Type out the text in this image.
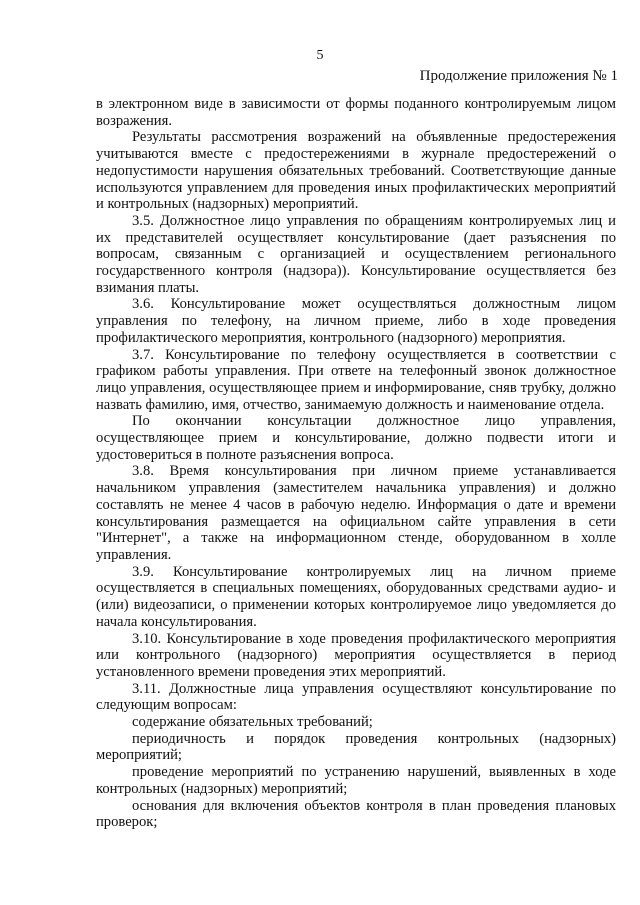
5
Продолжение приложения № 1

в электронном виде в зависимости от формы поданного контролируемым лицом возражения.

Результаты рассмотрения возражений на объявленные предостережения учитываются вместе с предостережениями в журнале предостережений о недопустимости нарушения обязательных требований. Соответствующие данные используются управлением для проведения иных профилактических мероприятий и контрольных (надзорных) мероприятий.

3.5. Должностное лицо управления по обращениям контролируемых лиц и их представителей осуществляет консультирование (дает разъяснения по вопросам, связанным с организацией и осуществлением регионального государственного контроля (надзора)). Консультирование осуществляется без взимания платы.

3.6. Консультирование может осуществляться должностным лицом управления по телефону, на личном приеме, либо в ходе проведения профилактического мероприятия, контрольного (надзорного) мероприятия.

3.7. Консультирование по телефону осуществляется в соответствии с графиком работы управления. При ответе на телефонный звонок должностное лицо управления, осуществляющее прием и информирование, сняв трубку, должно назвать фамилию, имя, отчество, занимаемую должность и наименование отдела.

По окончании консультации должностное лицо управления, осуществляющее прием и консультирование, должно подвести итоги и удостовериться в полноте разъяснения вопроса.

3.8. Время консультирования при личном приеме устанавливается начальником управления (заместителем начальника управления) и должно составлять не менее 4 часов в рабочую неделю. Информация о дате и времени консультирования размещается на официальном сайте управления в сети "Интернет", а также на информационном стенде, оборудованном в холле управления.

3.9. Консультирование контролируемых лиц на личном приеме осуществляется в специальных помещениях, оборудованных средствами аудио- и (или) видеозаписи, о применении которых контролируемое лицо уведомляется до начала консультирования.

3.10. Консультирование в ходе проведения профилактического мероприятия или контрольного (надзорного) мероприятия осуществляется в период установленного времени проведения этих мероприятий.

3.11. Должностные лица управления осуществляют консультирование по следующим вопросам:

содержание обязательных требований;

периодичность и порядок проведения контрольных (надзорных) мероприятий;

проведение мероприятий по устранению нарушений, выявленных в ходе контрольных (надзорных) мероприятий;

основания для включения объектов контроля в план проведения плановых проверок;
